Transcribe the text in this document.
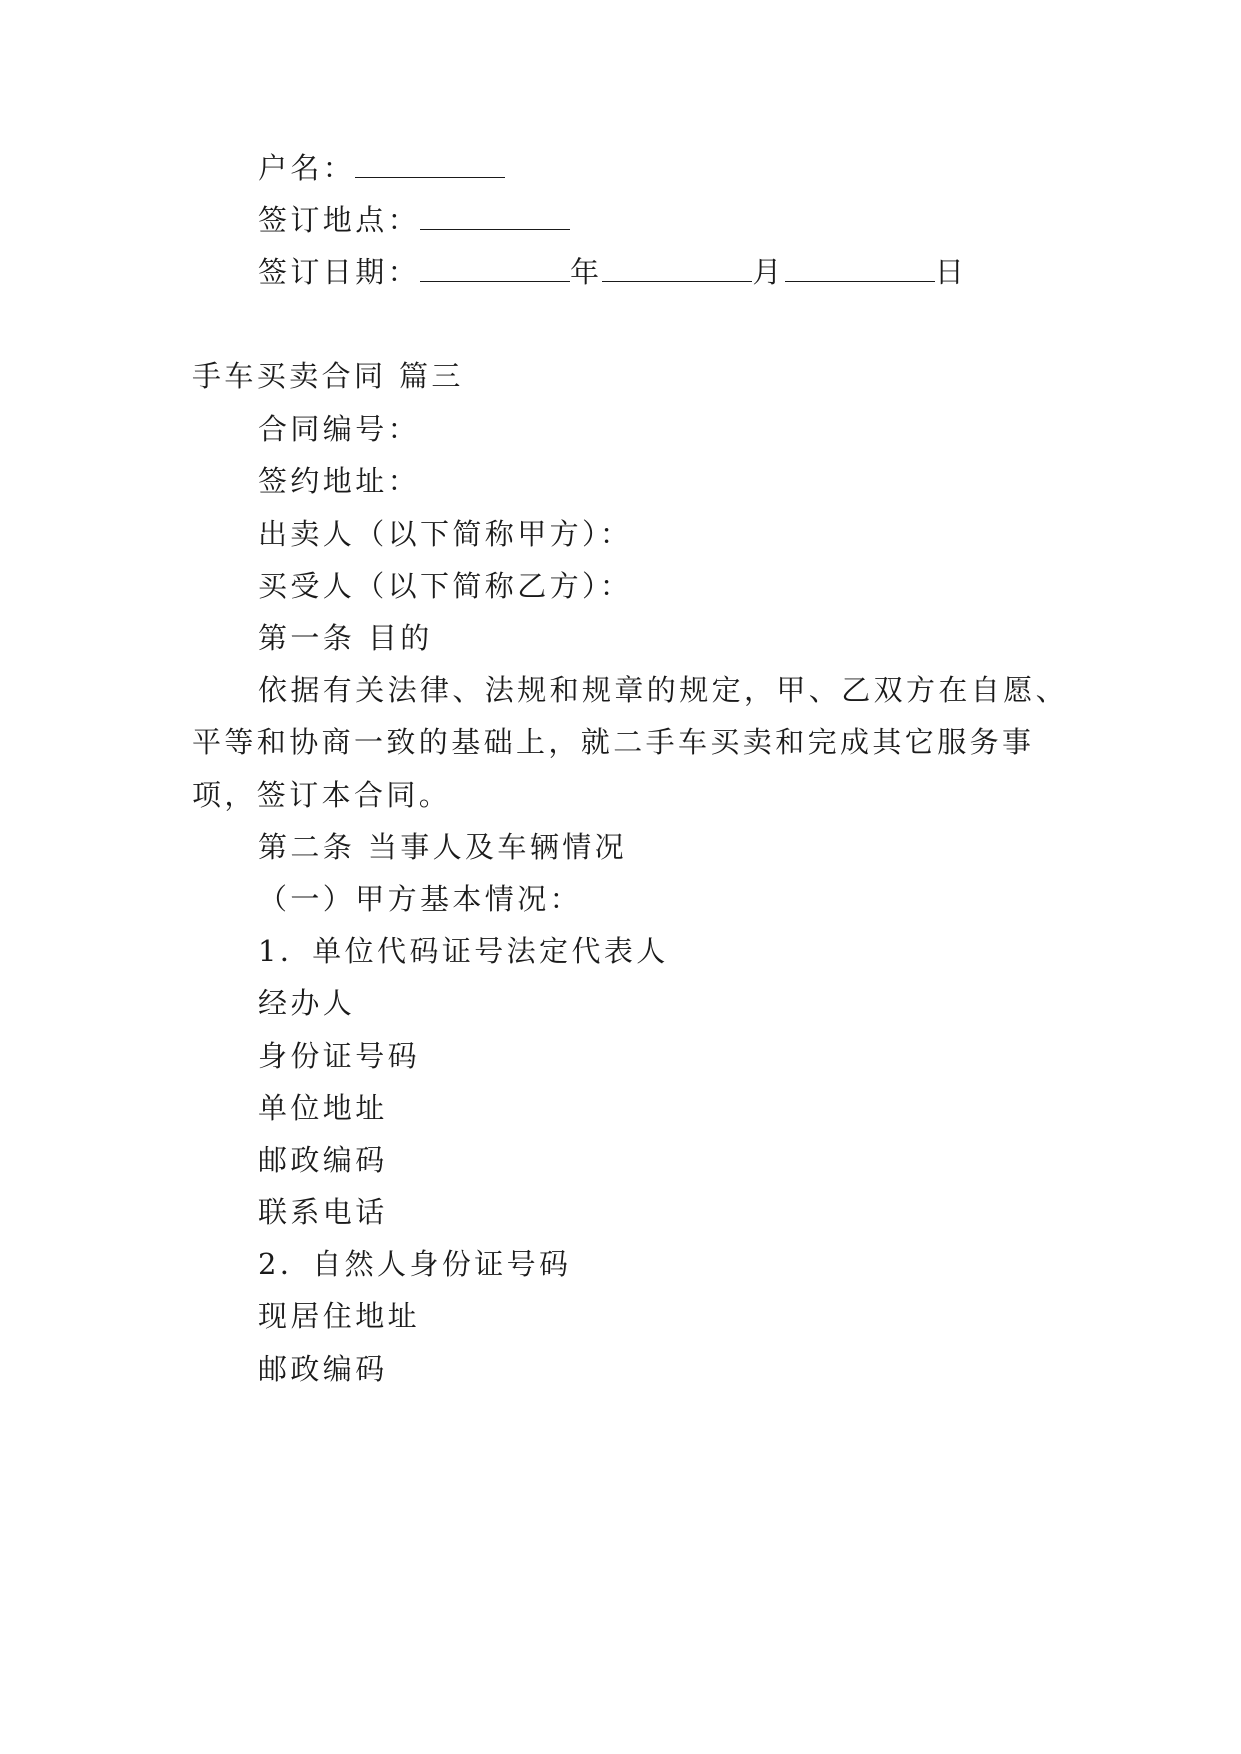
户名：
签订地点：
签订日期：	年	月	日
手车买卖合同 篇三
合同编号：
签约地址：
出卖人（以下简称甲方）：
买受人（以下简称乙方）：
第一条 目的
依据有关法律、法规和规章的规定，甲、乙双方在自愿、
平等和协商一致的基础上，就二手车买卖和完成其它服务事
项，签订本合同。
第二条 当事人及车辆情况
（一）甲方基本情况：
1．单位代码证号法定代表人
经办人
身份证号码
单位地址
邮政编码
联系电话
2．自然人身份证号码
现居住地址
邮政编码
